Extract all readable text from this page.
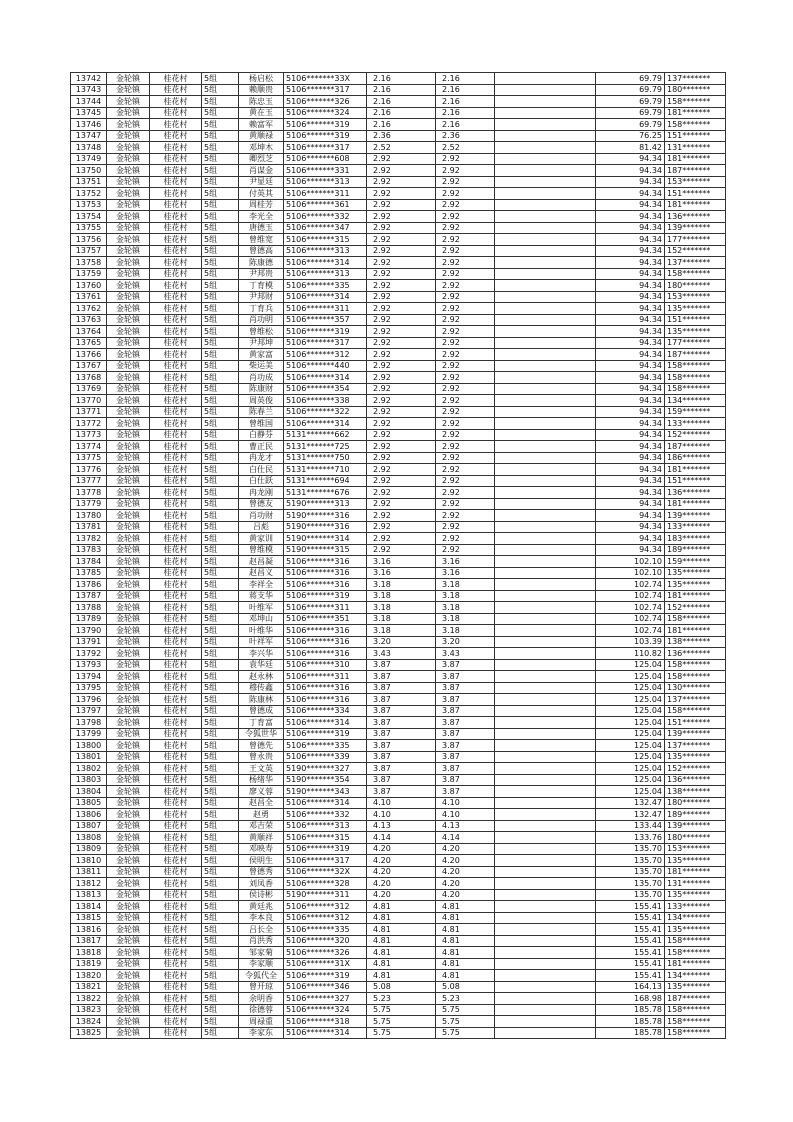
13742	金轮镇	桂花村	5组	杨启松	5106*******33X	2.16	2.16		69.79	137*******
13743	金轮镇	桂花村	5组	赖顺贵	5106*******317	2.16	2.16		69.79	180*******
13744	金轮镇	桂花村	5组	陈忠玉	5106*******326	2.16	2.16		69.79	158*******
13745	金轮镇	桂花村	5组	黄在玉	5106*******324	2.16	2.16		69.79	181*******
13746	金轮镇	桂花村	5组	赖富军	5106*******319	2.16	2.16		69.79	158*******
13747	金轮镇	桂花村	5组	黄顺禄	5106*******319	2.36	2.36		76.25	151*******
13748	金轮镇	桂花村	5组	邓坤木	5106*******317	2.52	2.52		81.42	131*******
13749	金轮镇	桂花村	5组	卿烈芝	5106*******608	2.92	2.92		94.34	181*******
13750	金轮镇	桂花村	5组	肖谋金	5106*******331	2.92	2.92		94.34	187*******
13751	金轮镇	桂花村	5组	尹显廷	5106*******313	2.92	2.92		94.34	153*******
13752	金轮镇	桂花村	5组	付英其	5106*******311	2.92	2.92		94.34	151*******
13753	金轮镇	桂花村	5组	周桂芳	5106*******361	2.92	2.92		94.34	181*******
13754	金轮镇	桂花村	5组	李光全	5106*******332	2.92	2.92		94.34	136*******
13755	金轮镇	桂花村	5组	唐德玉	5106*******347	2.92	2.92		94.34	139*******
13756	金轮镇	桂花村	5组	曾维宽	5106*******315	2.92	2.92		94.34	177*******
13757	金轮镇	桂花村	5组	曾德高	5106*******313	2.92	2.92		94.34	152*******
13758	金轮镇	桂花村	5组	陈康德	5106*******314	2.92	2.92		94.34	137*******
13759	金轮镇	桂花村	5组	尹邦贵	5106*******313	2.92	2.92		94.34	158*******
13760	金轮镇	桂花村	5组	丁育模	5106*******335	2.92	2.92		94.34	180*******
13761	金轮镇	桂花村	5组	尹邦财	5106*******314	2.92	2.92		94.34	153*******
13762	金轮镇	桂花村	5组	丁育兵	5106*******311	2.92	2.92		94.34	135*******
13763	金轮镇	桂花村	5组	肖功明	5106*******357	2.92	2.92		94.34	151*******
13764	金轮镇	桂花村	5组	曾维松	5106*******319	2.92	2.92		94.34	135*******
13765	金轮镇	桂花村	5组	尹邦坤	5106*******317	2.92	2.92		94.34	177*******
13766	金轮镇	桂花村	5组	黄家富	5106*******312	2.92	2.92		94.34	187*******
13767	金轮镇	桂花村	5组	柴运美	5106*******440	2.92	2.92		94.34	158*******
13768	金轮镇	桂花村	5组	肖功成	5106*******314	2.92	2.92		94.34	158*******
13769	金轮镇	桂花村	5组	陈康财	5106*******354	2.92	2.92		94.34	158*******
13770	金轮镇	桂花村	5组	周英俊	5106*******338	2.92	2.92		94.34	134*******
13771	金轮镇	桂花村	5组	陈春兰	5106*******322	2.92	2.92		94.34	159*******
13772	金轮镇	桂花村	5组	曾维国	5106*******314	2.92	2.92		94.34	133*******
13773	金轮镇	桂花村	5组	白静芬	5131*******662	2.92	2.92		94.34	152*******
13774	金轮镇	桂花村	5组	曹正民	5131*******725	2.92	2.92		94.34	187*******
13775	金轮镇	桂花村	5组	冉龙才	5131*******750	2.92	2.92		94.34	186*******
13776	金轮镇	桂花村	5组	白仕民	5131*******710	2.92	2.92		94.34	181*******
13777	金轮镇	桂花村	5组	白仕跃	5131*******694	2.92	2.92		94.34	151*******
13778	金轮镇	桂花村	5组	冉龙刚	5131*******676	2.92	2.92		94.34	136*******
13779	金轮镇	桂花村	5组	曾德友	5190*******313	2.92	2.92		94.34	181*******
13780	金轮镇	桂花村	5组	肖功财	5190*******316	2.92	2.92		94.34	139*******
13781	金轮镇	桂花村	5组	吕彪	5190*******316	2.92	2.92		94.34	133*******
13782	金轮镇	桂花村	5组	黄家训	5190*******314	2.92	2.92		94.34	183*******
13783	金轮镇	桂花村	5组	曾维模	5190*******315	2.92	2.92		94.34	189*******
13784	金轮镇	桂花村	5组	赵昌凝	5106*******316	3.16	3.16		102.10	159*******
13785	金轮镇	桂花村	5组	赵昌义	5106*******316	3.16	3.16		102.10	135*******
13786	金轮镇	桂花村	5组	李祥全	5106*******316	3.18	3.18		102.74	135*******
13787	金轮镇	桂花村	5组	蒋支华	5106*******319	3.18	3.18		102.74	181*******
13788	金轮镇	桂花村	5组	叶维军	5106*******311	3.18	3.18		102.74	152*******
13789	金轮镇	桂花村	5组	邓坤山	5106*******351	3.18	3.18		102.74	158*******
13790	金轮镇	桂花村	5组	叶维华	5106*******316	3.18	3.18		102.74	181*******
13791	金轮镇	桂花村	5组	叶祥军	5106*******316	3.20	3.20		103.39	138*******
13792	金轮镇	桂花村	5组	李兴华	5106*******316	3.43	3.43		110.82	136*******
13793	金轮镇	桂花村	5组	袁华廷	5106*******310	3.87	3.87		125.04	158*******
13794	金轮镇	桂花村	5组	赵永林	5106*******311	3.87	3.87		125.04	158*******
13795	金轮镇	桂花村	5组	穆传鑫	5106*******316	3.87	3.87		125.04	130*******
13796	金轮镇	桂花村	5组	陈康林	5106*******316	3.87	3.87		125.04	137*******
13797	金轮镇	桂花村	5组	曾德成	5106*******334	3.87	3.87		125.04	158*******
13798	金轮镇	桂花村	5组	丁育富	5106*******314	3.87	3.87		125.04	151*******
13799	金轮镇	桂花村	5组	令狐世华	5106*******319	3.87	3.87		125.04	139*******
13800	金轮镇	桂花村	5组	曾德先	5106*******335	3.87	3.87		125.04	137*******
13801	金轮镇	桂花村	5组	曾永贵	5106*******339	3.87	3.87		125.04	135*******
13802	金轮镇	桂花村	5组	王文英	5190*******327	3.87	3.87		125.04	152*******
13803	金轮镇	桂花村	5组	杨绪华	5190*******354	3.87	3.87		125.04	136*******
13804	金轮镇	桂花村	5组	廖义蓉	5190*******343	3.87	3.87		125.04	138*******
13805	金轮镇	桂花村	5组	赵昌全	5106*******314	4.10	4.10		132.47	180*******
13806	金轮镇	桂花村	5组	赵勇	5106*******332	4.10	4.10		132.47	189*******
13807	金轮镇	桂花村	5组	邓吉荣	5106*******313	4.13	4.13		133.44	139*******
13808	金轮镇	桂花村	5组	黄顺祥	5106*******315	4.14	4.14		133.76	180*******
13809	金轮镇	桂花村	5组	邓映寿	5106*******319	4.20	4.20		135.70	153*******
13810	金轮镇	桂花村	5组	侯明生	5106*******317	4.20	4.20		135.70	135*******
13811	金轮镇	桂花村	5组	曾德秀	5106*******32X	4.20	4.20		135.70	181*******
13812	金轮镇	桂花村	5组	刘凤香	5106*******328	4.20	4.20		135.70	131*******
13813	金轮镇	桂花村	5组	侯诗彬	5190*******311	4.20	4.20		135.70	135*******
13814	金轮镇	桂花村	5组	黄廷兆	5106*******312	4.81	4.81		155.41	133*******
13815	金轮镇	桂花村	5组	李本良	5106*******312	4.81	4.81		155.41	134*******
13816	金轮镇	桂花村	5组	吕长全	5106*******335	4.81	4.81		155.41	135*******
13817	金轮镇	桂花村	5组	肖洪秀	5106*******320	4.81	4.81		155.41	158*******
13818	金轮镇	桂花村	5组	邹家菊	5106*******326	4.81	4.81		155.41	158*******
13819	金轮镇	桂花村	5组	李家顺	5106*******31X	4.81	4.81		155.41	181*******
13820	金轮镇	桂花村	5组	令狐代全	5106*******319	4.81	4.81		155.41	134*******
13821	金轮镇	桂花村	5组	曾开琼	5106*******346	5.08	5.08		164.13	135*******
13822	金轮镇	桂花村	5组	余明香	5106*******327	5.23	5.23		168.98	187*******
13823	金轮镇	桂花村	5组	徐德蓉	5106*******324	5.75	5.75		185.78	158*******
13824	金轮镇	桂花村	5组	周禄重	5106*******318	5.75	5.75		185.78	158*******
13825	金轮镇	桂花村	5组	李家东	5106*******314	5.75	5.75		185.78	158*******
